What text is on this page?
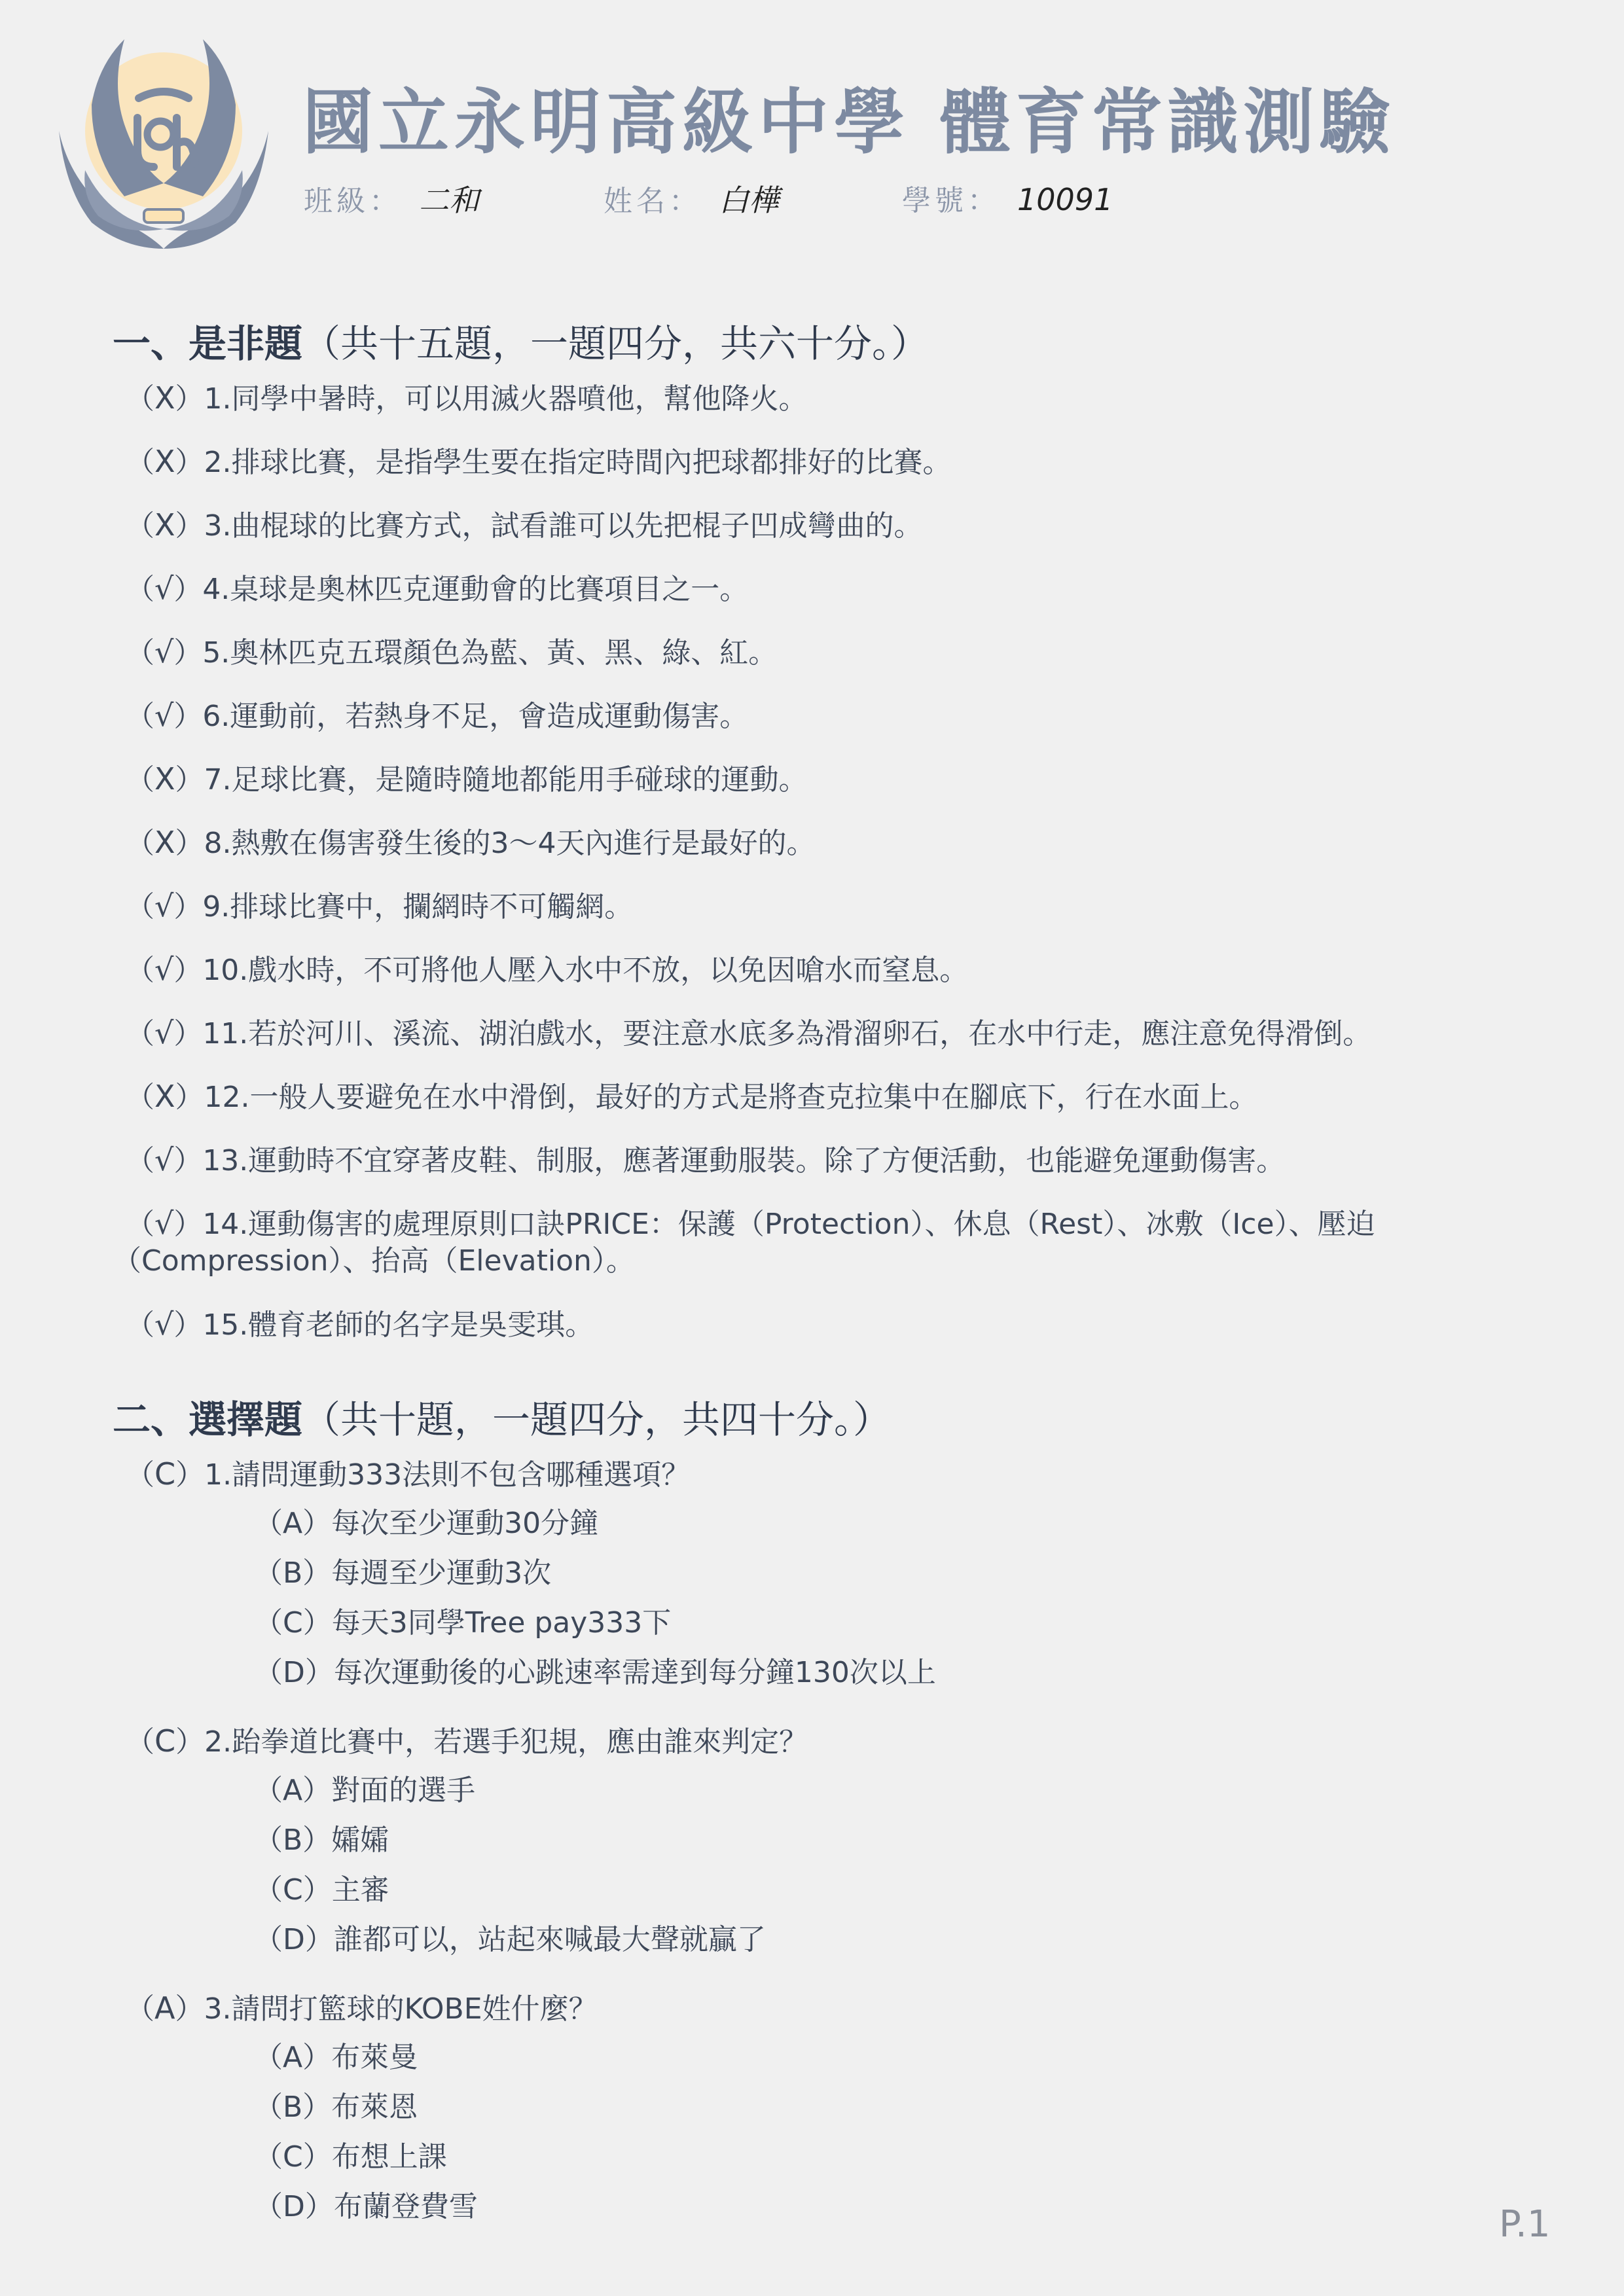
國立永明高級中學 體育常識測驗
班級： 二和	姓名： 白樺	學號： 10091
一、是非題（共十五題，一題四分，共六十分。）
（X）1.同學中暑時，可以用滅火器噴他，幫他降火。
（X）2.排球比賽，是指學生要在指定時間內把球都排好的比賽。
（X）3.曲棍球的比賽方式，試看誰可以先把棍子凹成彎曲的。
（√）4.桌球是奧林匹克運動會的比賽項目之一。
（√）5.奧林匹克五環顏色為藍、黃、黑、綠、紅。
（√）6.運動前，若熱身不足，會造成運動傷害。
（X）7.足球比賽，是隨時隨地都能用手碰球的運動。
（X）8.熱敷在傷害發生後的3～4天內進行是最好的。
（√）9.排球比賽中，攔網時不可觸網。
（√）10.戲水時，不可將他人壓入水中不放，以免因嗆水而窒息。
（√）11.若於河川、溪流、湖泊戲水，要注意水底多為滑溜卵石，在水中行走，應注意免得滑倒。
（X）12.一般人要避免在水中滑倒，最好的方式是將查克拉集中在腳底下，行在水面上。
（√）13.運動時不宜穿著皮鞋、制服，應著運動服裝。除了方便活動，也能避免運動傷害。
（√）14.運動傷害的處理原則口訣PRICE：保護（Protection）、休息（Rest）、冰敷（Ice）、壓迫（Compression）、抬高（Elevation）。
（√）15.體育老師的名字是吳雯琪。
二、選擇題（共十題，一題四分，共四十分。）
（C）1.請問運動333法則不包含哪種選項？
（A）每次至少運動30分鐘
（B）每週至少運動3次
（C）每天3同學Tree pay333下
（D）每次運動後的心跳速率需達到每分鐘130次以上
（C）2.跆拳道比賽中，若選手犯規，應由誰來判定？
（A）對面的選手
（B）孀孀
（C）主審
（D）誰都可以，站起來喊最大聲就贏了
（A）3.請問打籃球的KOBE姓什麼？
（A）布萊曼
（B）布萊恩
（C）布想上課
（D）布蘭登費雪	P.1
